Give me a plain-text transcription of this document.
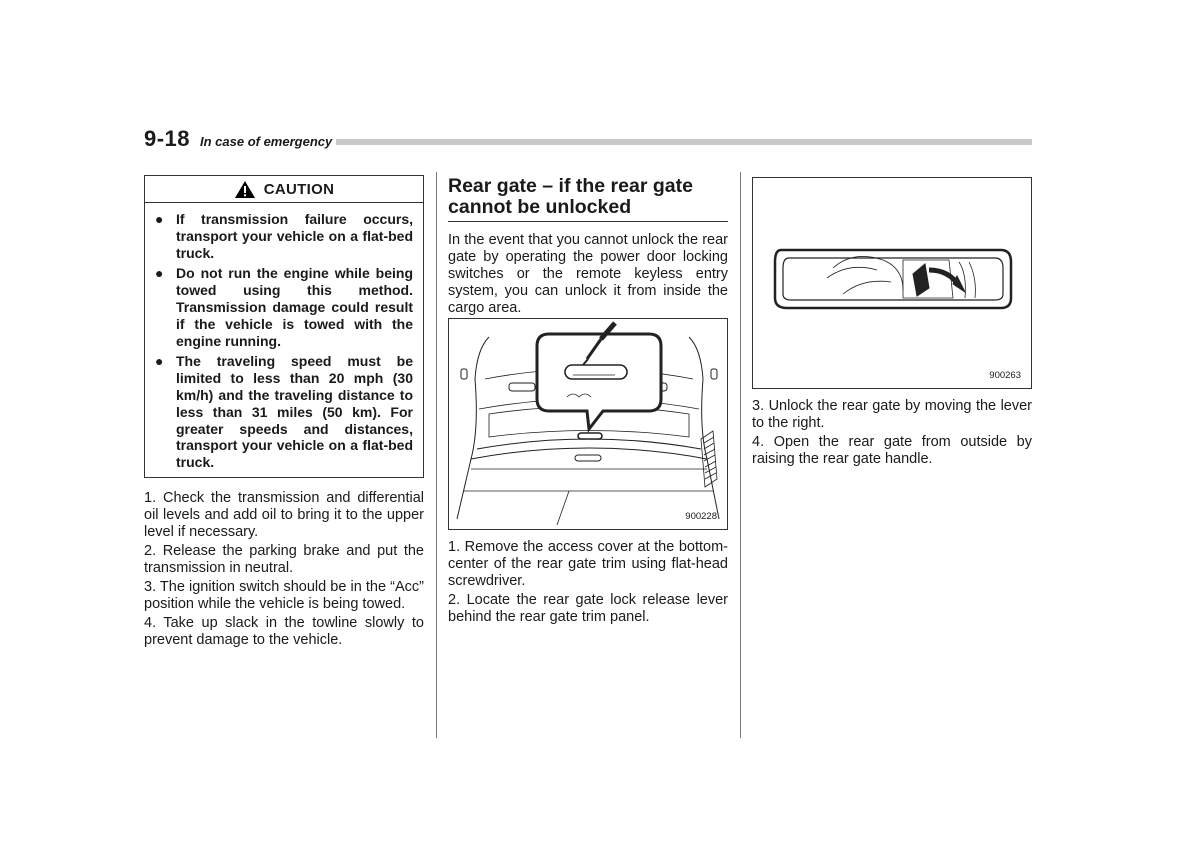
9-18 In case of emergency
CAUTION
● If transmission failure occurs, transport your vehicle on a flat-bed truck.
● Do not run the engine while being towed using this method. Transmission damage could result if the vehicle is towed with the engine running.
● The traveling speed must be limited to less than 20 mph (30 km/h) and the traveling distance to less than 31 miles (50 km). For greater speeds and distances, transport your vehicle on a flat-bed truck.

1. Check the transmission and differential oil levels and add oil to bring it to the upper level if necessary.

2. Release the parking brake and put the transmission in neutral.

3. The ignition switch should be in the “Acc” position while the vehicle is being towed.

4. Take up slack in the towline slowly to prevent damage to the vehicle.

Rear gate – if the rear gate cannot be unlocked

In the event that you cannot unlock the rear gate by operating the power door locking switches or the remote keyless entry system, you can unlock it from inside the cargo area.

900228

1. Remove the access cover at the bottom-center of the rear gate trim using flat-head screwdriver.

2. Locate the rear gate lock release lever behind the rear gate trim panel.

900263

3. Unlock the rear gate by moving the lever to the right.

4. Open the rear gate from outside by raising the rear gate handle.
